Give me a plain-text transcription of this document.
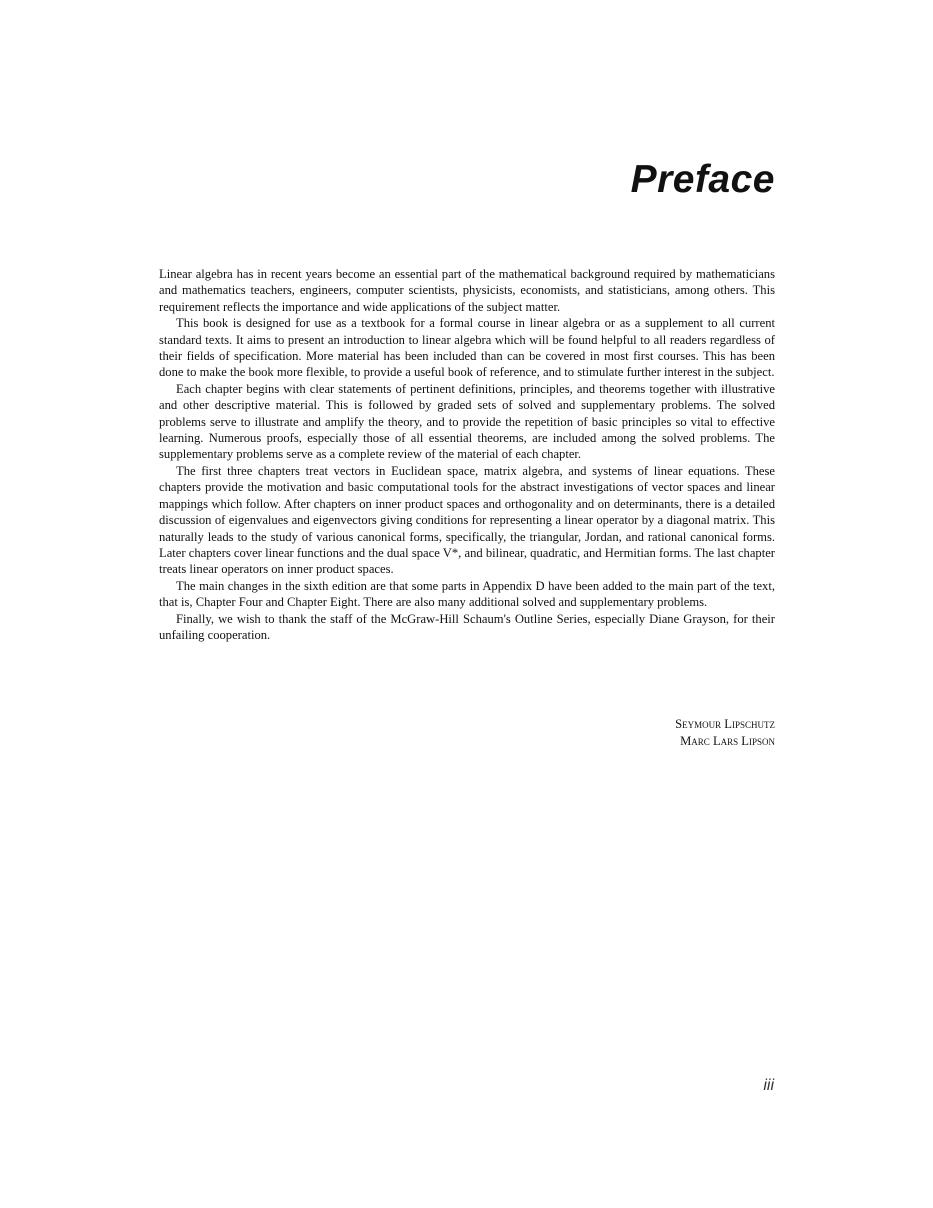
Preface

Linear algebra has in recent years become an essential part of the mathematical background required by mathematicians and mathematics teachers, engineers, computer scientists, physicists, economists, and statisticians, among others. This requirement reflects the importance and wide applications of the subject matter.

This book is designed for use as a textbook for a formal course in linear algebra or as a supplement to all current standard texts. It aims to present an introduction to linear algebra which will be found helpful to all readers regardless of their fields of specification. More material has been included than can be covered in most first courses. This has been done to make the book more flexible, to provide a useful book of reference, and to stimulate further interest in the subject.

Each chapter begins with clear statements of pertinent definitions, principles, and theorems together with illustrative and other descriptive material. This is followed by graded sets of solved and supplementary problems. The solved problems serve to illustrate and amplify the theory, and to provide the repetition of basic principles so vital to effective learning. Numerous proofs, especially those of all essential theorems, are included among the solved problems. The supplementary problems serve as a complete review of the material of each chapter.

The first three chapters treat vectors in Euclidean space, matrix algebra, and systems of linear equations. These chapters provide the motivation and basic computational tools for the abstract investigations of vector spaces and linear mappings which follow. After chapters on inner product spaces and orthogonality and on determinants, there is a detailed discussion of eigenvalues and eigenvectors giving conditions for representing a linear operator by a diagonal matrix. This naturally leads to the study of various canonical forms, specifically, the triangular, Jordan, and rational canonical forms. Later chapters cover linear functions and the dual space V*, and bilinear, quadratic, and Hermitian forms. The last chapter treats linear operators on inner product spaces.

The main changes in the sixth edition are that some parts in Appendix D have been added to the main part of the text, that is, Chapter Four and Chapter Eight. There are also many additional solved and supplementary problems.

Finally, we wish to thank the staff of the McGraw-Hill Schaum's Outline Series, especially Diane Grayson, for their unfailing cooperation.

Seymour Lipschutz
Marc Lars Lipson
iii
